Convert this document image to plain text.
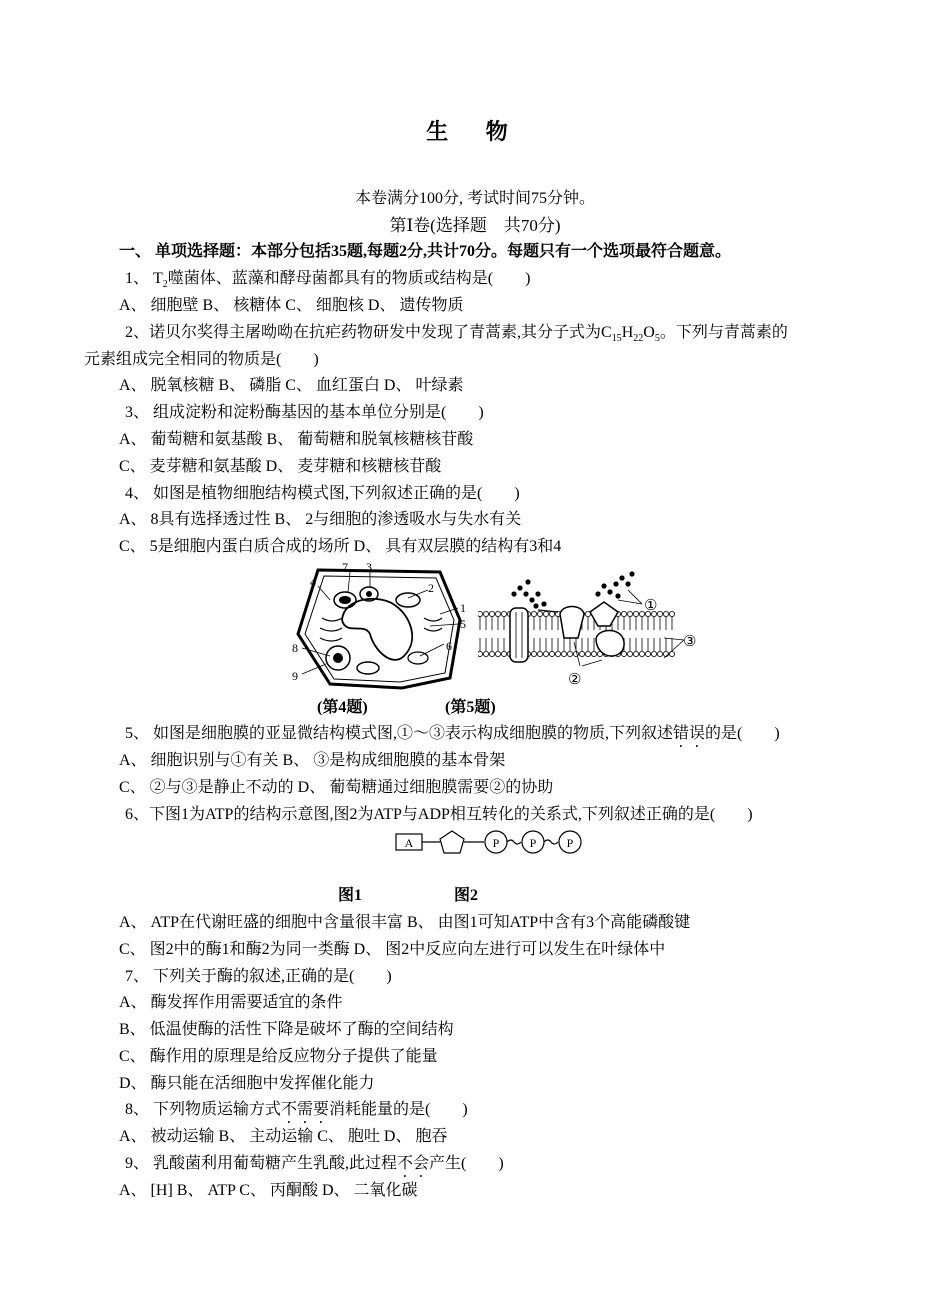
生 物
本卷满分100分, 考试时间75分钟。
第Ⅰ卷(选择题　共70分)
一、 单项选择题：本部分包括35题,每题2分,共计70分。每题只有一个选项最符合题意。
1、 $T_2$噬菌体、蓝藻和酵母菌都具有的物质或结构是(　　)
A、 细胞壁 B、 核糖体 C、 细胞核 D、 遗传物质
2、诺贝尔奖得主屠呦呦在抗疟药物研发中发现了青蒿素,其分子式为$C_{15}H_{22}O_5$。下列与青蒿素的
元素组成完全相同的物质是(　　)
A、 脱氧核糖 B、 磷脂 C、 血红蛋白 D、 叶绿素
3、 组成淀粉和淀粉酶基因的基本单位分别是(　　)
A、 葡萄糖和氨基酸 B、 葡萄糖和脱氧核糖核苷酸
C、 麦芽糖和氨基酸 D、 麦芽糖和核糖核苷酸
4、 如图是植物细胞结构模式图,下列叙述正确的是(　　)
A、 8具有选择透过性 B、 2与细胞的渗透吸水与失水有关
C、 5是细胞内蛋白质合成的场所 D、 具有双层膜的结构有3和4
7 3
2
4
1
5
6
8
9
①
②
③
(第4题)	(第5题)
5、 如图是细胞膜的亚显微结构模式图,①～③表示构成细胞膜的物质,下列叙述错误的是(　　)
A、 细胞识别与①有关 B、 ③是构成细胞膜的基本骨架
C、 ②与③是静止不动的 D、 葡萄糖通过细胞膜需要②的协助
6、下图1为ATP的结构示意图,图2为ATP与ADP相互转化的关系式,下列叙述正确的是(　　)
A	P	P	P
图1	图2
A、 ATP在代谢旺盛的细胞中含量很丰富 B、 由图1可知ATP中含有3个高能磷酸键
C、 图2中的酶1和酶2为同一类酶 D、 图2中反应向左进行可以发生在叶绿体中
7、 下列关于酶的叙述,正确的是(　　)
A、 酶发挥作用需要适宜的条件
B、 低温使酶的活性下降是破坏了酶的空间结构
C、 酶作用的原理是给反应物分子提供了能量
D、 酶只能在活细胞中发挥催化能力
8、 下列物质运输方式不需要消耗能量的是(　　)
A、 被动运输 B、 主动运输 C、 胞吐 D、 胞吞
9、 乳酸菌利用葡萄糖产生乳酸,此过程不会产生(　　)
A、 [H] B、 ATP C、 丙酮酸 D、 二氧化碳
